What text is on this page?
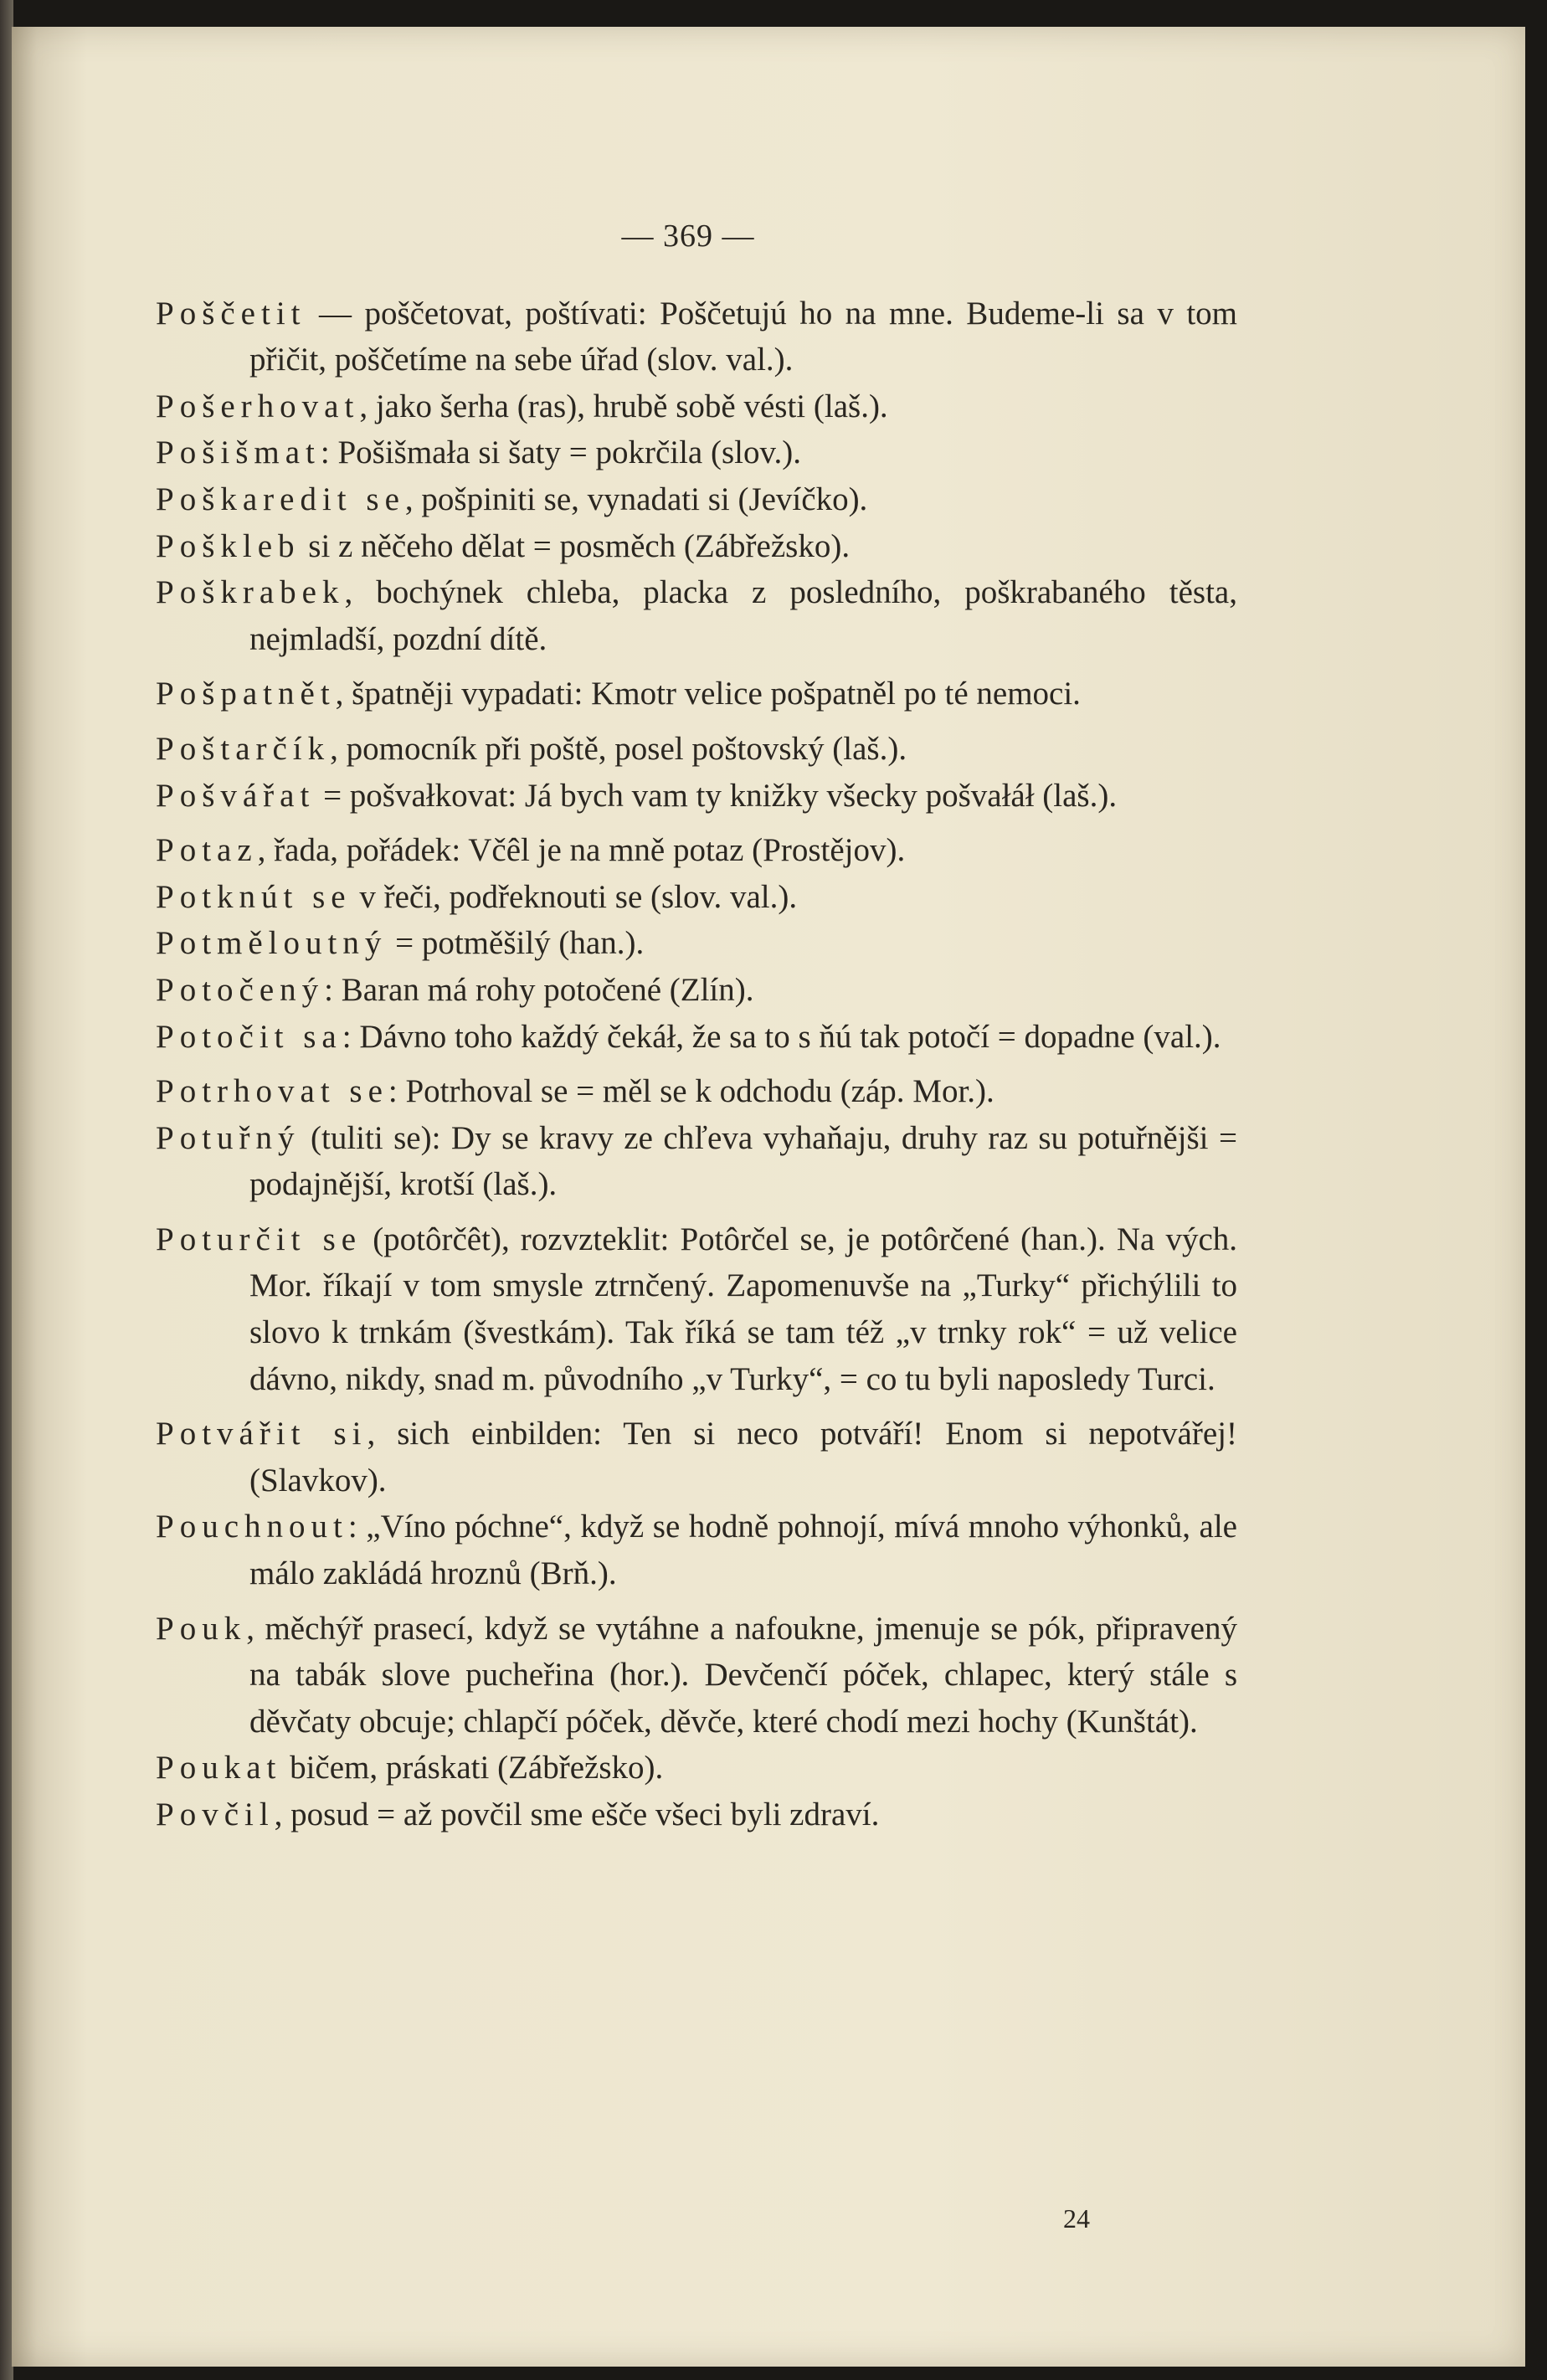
— 369 —

Poščetit — poščetovat, poštívati: Poščetujú ho na mne. Budeme-li sa v tom přičit, poščetíme na sebe úřad (slov. val.).

Pošerhovat, jako šerha (ras), hrubě sobě vésti (laš.).

Pošišmat: Pošišmała si šaty = pokrčila (slov.).

Poškaredit se, pošpiniti se, vynadati si (Jevíčko).

Poškleb si z něčeho dělat = posměch (Zábřežsko).

Poškrabek, bochýnek chleba, placka z posledního, poškrabaného těsta, nejmladší, pozdní dítě.

Pošpatnět, špatněji vypadati: Kmotr velice pošpatněl po té nemoci.

Poštarčík, pomocník při poště, posel poštovský (laš.).

Pošvářat = pošvałkovat: Já bych vam ty knižky všecky pošvałáł (laš.).

Potaz, řada, pořádek: Včêl je na mně potaz (Prostějov).

Potknút se v řeči, podřeknouti se (slov. val.).

Potměloutný = potměšilý (han.).

Potočený: Baran má rohy potočené (Zlín).

Potočit sa: Dávno toho každý čekáł, že sa to s ňú tak potočí = dopadne (val.).

Potrhovat se: Potrhoval se = měl se k odchodu (záp. Mor.).

Potuřný (tuliti se): Dy se kravy ze chľeva vyhaňaju, druhy raz su potuřnějši = podajnější, krotší (laš.).

Poturčit se (potôrčêt), rozvzteklit: Potôrčel se, je potôrčené (han.). Na vých. Mor. říkají v tom smysle ztrnčený. Zapomenuvše na „Turky“ přichýlili to slovo k trnkám (švestkám). Tak říká se tam též „v trnky rok“ = už velice dávno, nikdy, snad m. původního „v Turky“, = co tu byli naposledy Turci.

Potvářit si, sich einbilden: Ten si neco potváří! Enom si nepotvářej! (Slavkov).

Pouchnout: „Víno póchne“, když se hodně pohnojí, mívá mnoho výhonků, ale málo zakládá hroznů (Brň.).

Pouk, měchýř prasecí, když se vytáhne a nafoukne, jmenuje se pók, připravený na tabák slove pucheřina (hor.). Devčenčí póček, chlapec, který stále s děvčaty obcuje; chlapčí póček, děvče, které chodí mezi hochy (Kunštát).

Poukat bičem, práskati (Zábřežsko).

Povčil, posud = až povčil sme ešče všeci byli zdraví.

24
